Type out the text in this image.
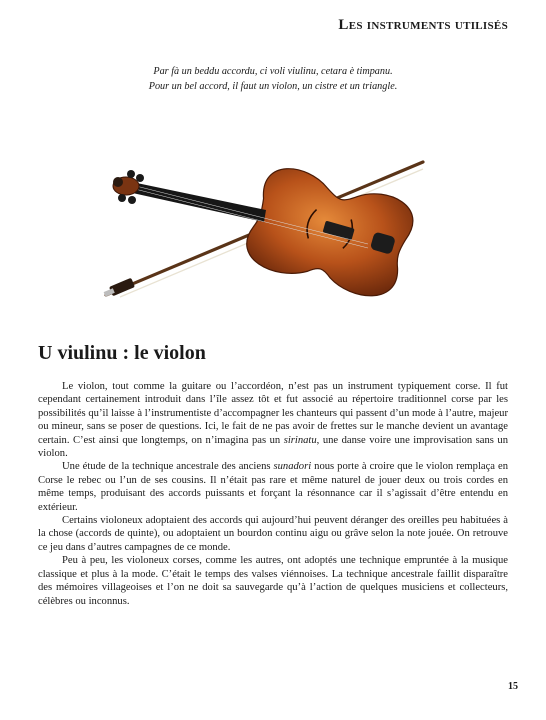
Les instruments utilisés
Par fà un beddu accordu, ci voli viulinu, cetara è timpanu.
Pour un bel accord, il faut un violon, un cistre et un triangle.
U viulinu : le violon

Le violon, tout comme la guitare ou l’accordéon, n’est pas un instrument typiquement corse. Il fut cependant certainement introduit dans l’île assez tôt et fut associé au répertoire traditionnel corse par les possibilités qu’il laisse à l’instrumentiste d’accompagner les chanteurs qui passent d’un mode à l’autre, majeur ou mineur, sans se poser de questions. Ici, le fait de ne pas avoir de frettes sur le manche devient un avantage certain. C’est ainsi que longtemps, on n’imagina pas un sirinatu, une danse voire une improvisation sans un violon.

Une étude de la technique ancestrale des anciens sunadori nous porte à croire que le violon remplaça en Corse le rebec ou l’un de ses cousins. Il n’était pas rare et même naturel de jouer deux ou trois cordes en même temps, produisant des accords puissants et forçant la résonnance car il s’agissait d’être entendu en extérieur.

Certains violoneux adoptaient des accords qui aujourd’hui peuvent déranger des oreilles peu habituées à la chose (accords de quinte), ou adoptaient un bourdon continu aigu ou grâve selon la note jouée. On retrouve ce jeu dans d’autres campagnes de ce monde.

Peu à peu, les violoneux corses, comme les autres, ont adoptés une technique empruntée à la musique classique et plus à la mode. C’était le temps des valses viénnoises. La technique ancestrale faillit disparaître des mémoires villageoises et l’on ne doit sa sauvegarde qu’à l’action de quelques musiciens et collecteurs, célèbres ou inconnus.

15
